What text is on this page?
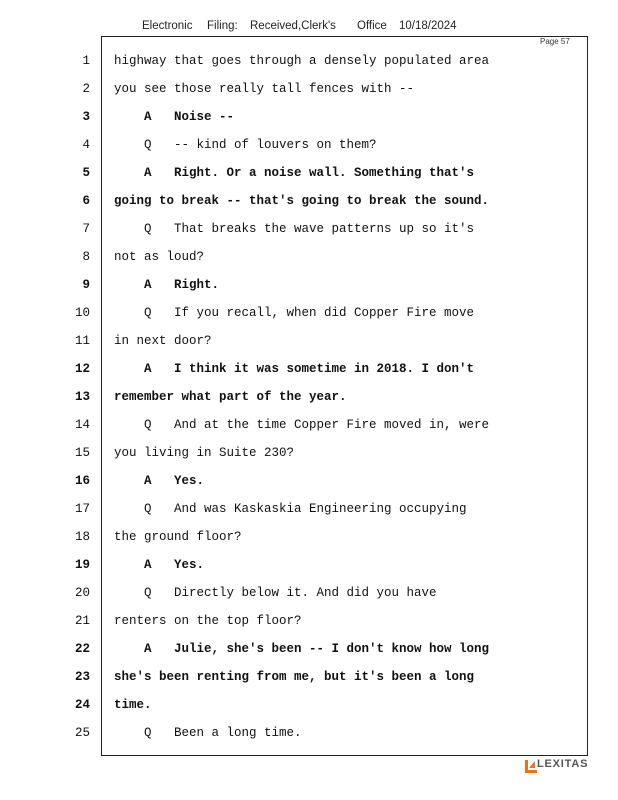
Electronic Filing: Received,Clerk's Office 10/18/2024
Page 57
1 highway that goes through a densely populated area
2 you see those really tall fences with --
3 A   Noise --
4 Q   -- kind of louvers on them?
5 A   Right. Or a noise wall. Something that's
6 going to break -- that's going to break the sound.
7 Q   That breaks the wave patterns up so it's
8 not as loud?
9 A   Right.
10 Q   If you recall, when did Copper Fire move
11 in next door?
12 A   I think it was sometime in 2018. I don't
13 remember what part of the year.
14 Q   And at the time Copper Fire moved in, were
15 you living in Suite 230?
16 A   Yes.
17 Q   And was Kaskaskia Engineering occupying
18 the ground floor?
19 A   Yes.
20 Q   Directly below it. And did you have
21 renters on the top floor?
22 A   Julie, she's been -- I don't know how long
23 she's been renting from me, but it's been a long
24 time.
25 Q   Been a long time.
LEXITAS
